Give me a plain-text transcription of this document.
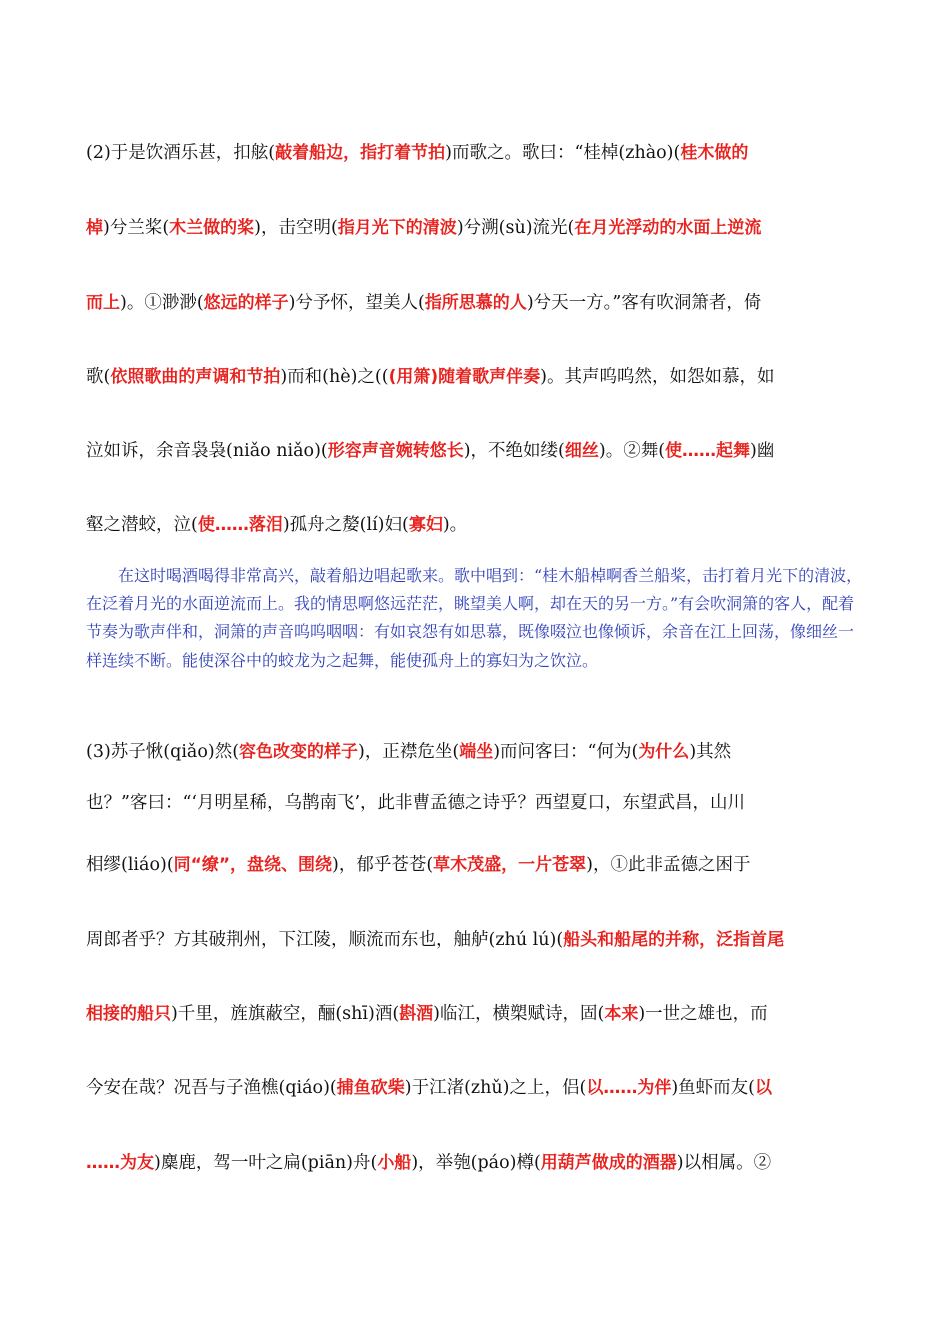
(2)于是饮酒乐甚，扣舷(敲着船边，指打着节拍)而歌之。歌曰：“桂棹(zhào)(桂木做的
棹)兮兰桨(木兰做的桨)，击空明(指月光下的清波)兮溯(sù)流光(在月光浮动的水面上逆流
而上)。①渺渺(悠远的样子)兮予怀，望美人(指所思慕的人)兮天一方。”客有吹洞箫者，倚
歌(依照歌曲的声调和节拍)而和(hè)之(((用箫)随着歌声伴奏)。其声呜呜然，如怨如慕，如
泣如诉，余音袅袅(niǎo niǎo)(形容声音婉转悠长)，不绝如缕(细丝)。②舞(使……起舞)幽
壑之潜蛟，泣(使……落泪)孤舟之嫠(lí)妇(寡妇)。

在这时喝酒喝得非常高兴，敲着船边唱起歌来。歌中唱到：“桂木船棹啊香兰船桨，击打着月光下的清波，在泛着月光的水面逆流而上。我的情思啊悠远茫茫，眺望美人啊，却在天的另一方。”有会吹洞箫的客人，配着节奏为歌声伴和，洞箫的声音呜呜咽咽：有如哀怨有如思慕，既像啜泣也像倾诉，余音在江上回荡，像细丝一样连续不断。能使深谷中的蛟龙为之起舞，能使孤舟上的寡妇为之饮泣。

(3)苏子愀(qiǎo)然(容色改变的样子)，正襟危坐(端坐)而问客曰：“何为(为什么)其然
也？”客曰：“‘月明星稀，乌鹊南飞’，此非曹孟德之诗乎？西望夏口，东望武昌，山川
相缪(liáo)(同“缭”，盘绕、围绕)，郁乎苍苍(草木茂盛，一片苍翠)，①此非孟德之困于
周郎者乎？方其破荆州，下江陵，顺流而东也，舳舻(zhú lú)(船头和船尾的并称，泛指首尾
相接的船只)千里，旌旗蔽空，酾(shī)酒(斟酒)临江，横槊赋诗，固(本来)一世之雄也，而
今安在哉？况吾与子渔樵(qiáo)(捕鱼砍柴)于江渚(zhǔ)之上，侣(以……为伴)鱼虾而友(以
……为友)麋鹿，驾一叶之扁(piān)舟(小船)，举匏(páo)樽(用葫芦做成的酒器)以相属。②
